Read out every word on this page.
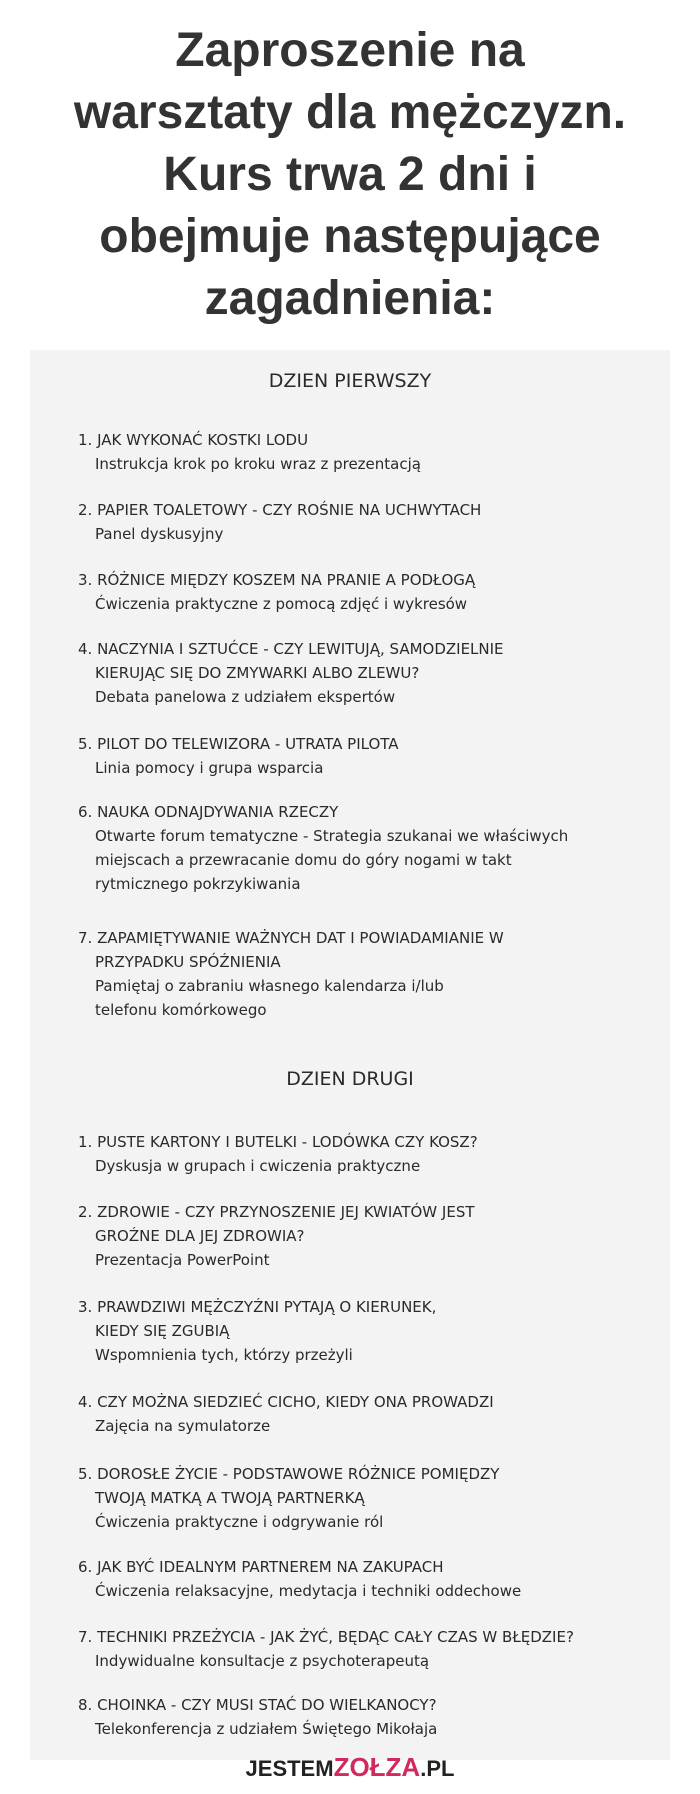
Zaproszenie na
warsztaty dla mężczyzn.
Kurs trwa 2 dni i
obejmuje następujące
zagadnienia:
DZIEN PIERWSZY
1. JAK WYKONAĆ KOSTKI LODU
Instrukcja krok po kroku wraz z prezentacją
2. PAPIER TOALETOWY - CZY ROŚNIE NA UCHWYTACH
Panel dyskusyjny
3. RÓŻNICE MIĘDZY KOSZEM NA PRANIE A PODŁOGĄ
Ćwiczenia praktyczne z pomocą zdjęć i wykresów
4. NACZYNIA I SZTUĆCE - CZY LEWITUJĄ, SAMODZIELNIE
KIERUJĄC SIĘ DO ZMYWARKI ALBO ZLEWU?
Debata panelowa z udziałem ekspertów
5. PILOT DO TELEWIZORA - UTRATA PILOTA
Linia pomocy i grupa wsparcia
6. NAUKA ODNAJDYWANIA RZECZY
Otwarte forum tematyczne - Strategia szukanai we właściwych
miejscach a przewracanie domu do góry nogami w takt
rytmicznego pokrzykiwania
7. ZAPAMIĘTYWANIE WAŻNYCH DAT I POWIADAMIANIE W
PRZYPADKU SPÓŹNIENIA
Pamiętaj o zabraniu własnego kalendarza i/lub
telefonu komórkowego
DZIEN DRUGI
1. PUSTE KARTONY I BUTELKI - LODÓWKA CZY KOSZ?
Dyskusja w grupach i cwiczenia praktyczne
2. ZDROWIE - CZY PRZYNOSZENIE JEJ KWIATÓW JEST
GROŹNE DLA JEJ ZDROWIA?
Prezentacja PowerPoint
3. PRAWDZIWI MĘŻCZYŹNI PYTAJĄ O KIERUNEK,
KIEDY SIĘ ZGUBIĄ
Wspomnienia tych, którzy przeżyli
4. CZY MOŻNA SIEDZIEĆ CICHO, KIEDY ONA PROWADZI
Zajęcia na symulatorze
5. DOROSŁE ŻYCIE - PODSTAWOWE RÓŻNICE POMIĘDZY
TWOJĄ MATKĄ A TWOJĄ PARTNERKĄ
Ćwiczenia praktyczne i odgrywanie ról
6. JAK BYĆ IDEALNYM PARTNEREM NA ZAKUPACH
Ćwiczenia relaksacyjne, medytacja i techniki oddechowe
7. TECHNIKI PRZEŻYCIA - JAK ŻYĆ, BĘDĄC CAŁY CZAS W BŁĘDZIE?
Indywidualne konsultacje z psychoterapeutą
8. CHOINKA - CZY MUSI STAĆ DO WIELKANOCY?
Telekonferencja z udziałem Świętego Mikołaja
JESTEMZOŁZA.PL
